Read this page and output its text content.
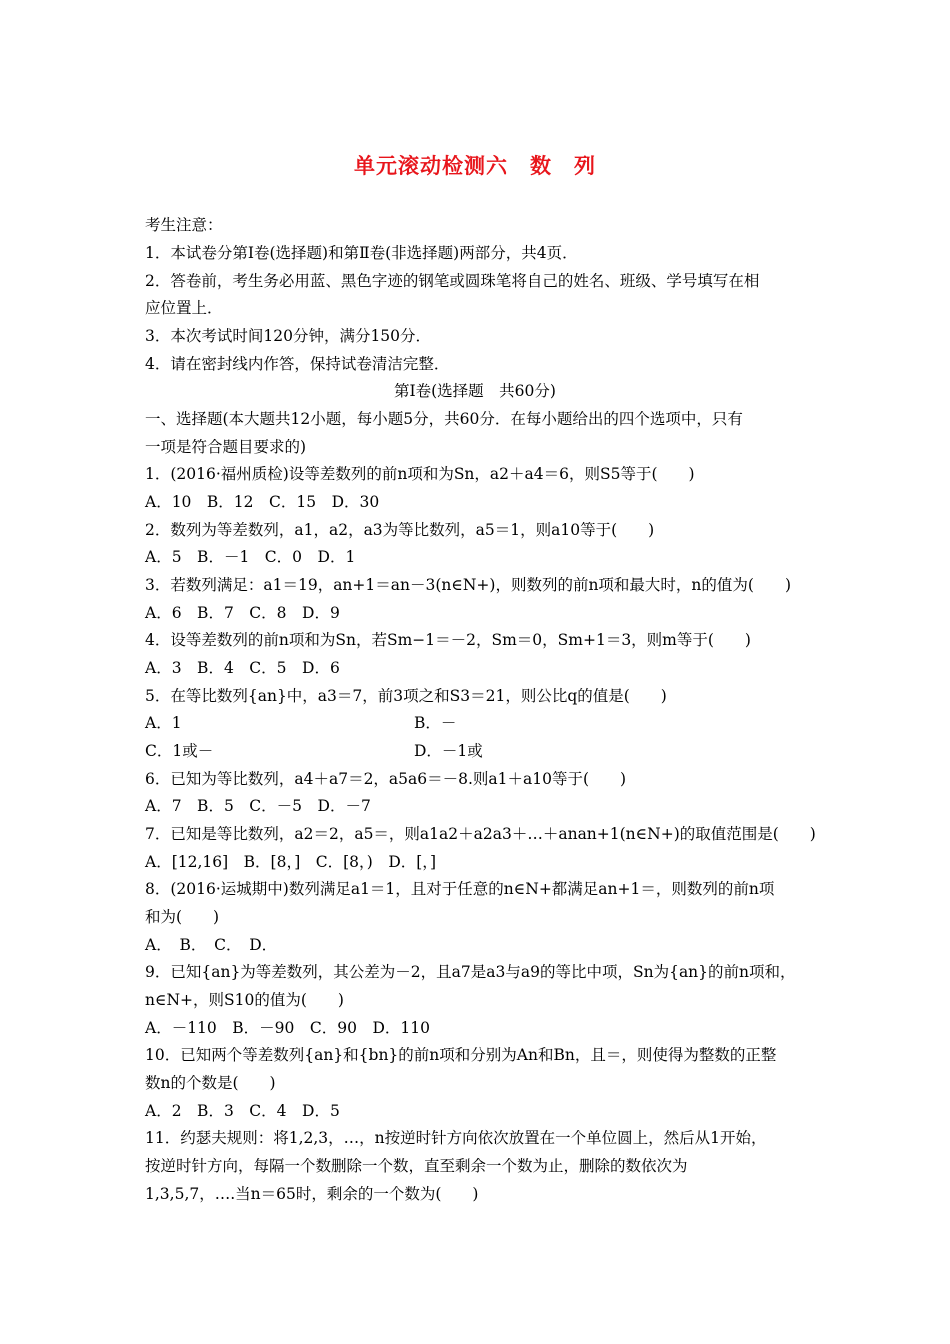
单元滚动检测六　数　列
考生注意：
1．本试卷分第Ⅰ卷(选择题)和第Ⅱ卷(非选择题)两部分，共4页．
2．答卷前，考生务必用蓝、黑色字迹的钢笔或圆珠笔将自己的姓名、班级、学号填写在相
应位置上．
3．本次考试时间120分钟，满分150分．
4．请在密封线内作答，保持试卷清洁完整．
第Ⅰ卷(选择题　共60分)
一、选择题(本大题共12小题，每小题5分，共60分．在每小题给出的四个选项中，只有
一项是符合题目要求的)
1．(2016·福州质检)设等差数列的前n项和为Sn，a2＋a4＝6，则S5等于(　　)
A．10　B．12　C．15　D．30
2．数列为等差数列，a1，a2，a3为等比数列，a5＝1，则a10等于(　　)
A．5　B．－1　C．0　D．1
3．若数列满足：a1＝19，an+1＝an－3(n∈N+)，则数列的前n项和最大时，n的值为(　　)
A．6　B．7　C．8　D．9
4．设等差数列的前n项和为Sn，若Sm−1＝－2，Sm＝0，Sm+1＝3，则m等于(　　)
A．3　B．4　C．5　D．6
5．在等比数列{an}中，a3＝7，前3项之和S3＝21，则公比q的值是(　　)
A．1	B．－
C．1或－	D．－1或
6．已知为等比数列，a4＋a7＝2，a5a6＝－8.则a1＋a10等于(　　)
A．7　B．5　C．－5　D．－7
7．已知是等比数列，a2＝2，a5＝，则a1a2＋a2a3＋…＋anan+1(n∈N+)的取值范围是(　　)
A．[12,16]　B．[8，]　C．[8，)　D．[，]
8．(2016·运城期中)数列满足a1＝1，且对于任意的n∈N+都满足an+1＝，则数列的前n项
和为(　　)
A．　B．　C．　D．
9．已知{an}为等差数列，其公差为－2，且a7是a3与a9的等比中项，Sn为{an}的前n项和，
n∈N+，则S10的值为(　　)
A．－110　B．－90　C．90　D．110
10．已知两个等差数列{an}和{bn}的前n项和分别为An和Bn，且＝，则使得为整数的正整
数n的个数是(　　)
A．2　B．3　C．4　D．5
11．约瑟夫规则：将1,2,3，…，n按逆时针方向依次放置在一个单位圆上，然后从1开始，
按逆时针方向，每隔一个数删除一个数，直至剩余一个数为止，删除的数依次为
1,3,5,7，….当n＝65时，剩余的一个数为(　　)
